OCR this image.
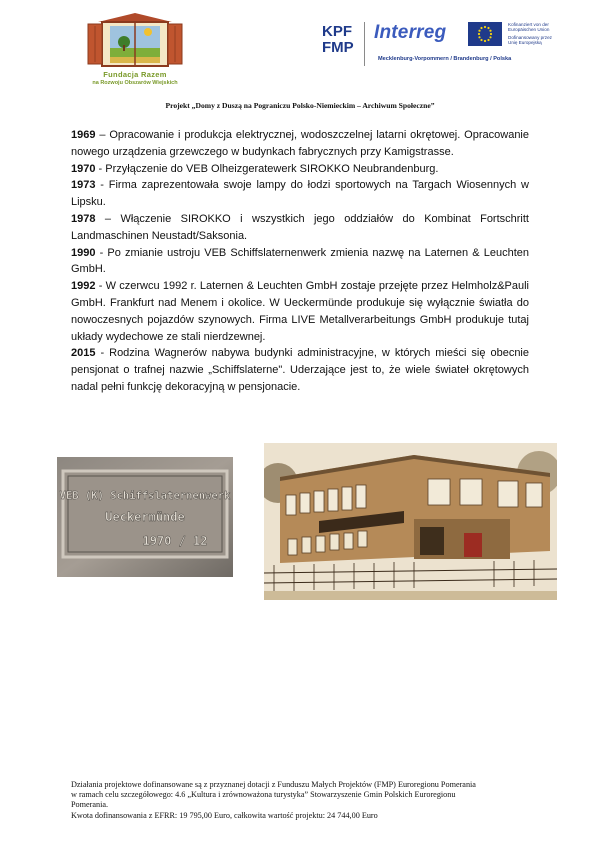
Fundacja Razem
na Rozwoju Obszarów Wiejskich
KPF
FMP
Interreg
Mecklenburg-Vorpommern / Brandenburg / Polska
Kofinanziert von der Europäischen Union
Dofinansowany przez Unię Europejską
Projekt „Domy z Duszą na Pograniczu Polsko-Niemieckim – Archiwum Społeczne”

1969 – Opracowanie i produkcja elektrycznej, wodoszczelnej latarni okrętowej. Opracowanie nowego urządzenia grzewczego w budynkach fabrycznych przy Kamigstrasse.

1970 - Przyłączenie do VEB Olheizgeratewerk SIROKKO Neubrandenburg.

1973 - Firma zaprezentowała swoje lampy do łodzi sportowych na Targach Wiosennych w Lipsku.

1978 – Włączenie SIROKKO i wszystkich jego oddziałów do Kombinat Fortschritt Landmaschinen Neustadt/Saksonia.

1990 - Po zmianie ustroju VEB Schiffslaternenwerk zmienia nazwę na Laternen & Leuchten GmbH.

1992 - W czerwcu 1992 r. Laternen & Leuchten GmbH zostaje przejęte przez Helmholz&Pauli GmbH. Frankfurt nad Menem i okolice. W Ueckermünde produkuje się wyłącznie światła do nowoczesnych pojazdów szynowych. Firma LIVE Metallverarbeitungs GmbH produkuje tutaj układy wydechowe ze stali nierdzewnej.

2015 - Rodzina Wagnerów nabywa budynki administracyjne, w których mieści się obecnie pensjonat o trafnej nazwie „Schiffslaterne". Uderzające jest to, że wiele świateł okrętowych nadal pełni funkcję dekoracyjną w pensjonacie.

VEB (K) Schiffslaternenwerk
Ueckermünde
1970 / 12

Działania projektowe dofinansowane są z przyznanej dotacji z Funduszu Małych Projektów (FMP) Euroregionu Pomerania

w ramach celu szczegółowego: 4.6 „Kultura i zrównoważona turystyka” Stowarzyszenie Gmin Polskich Euroregionu

Pomerania.

Kwota dofinansowania z EFRR: 19 795,00 Euro, całkowita wartość projektu: 24 744,00 Euro
